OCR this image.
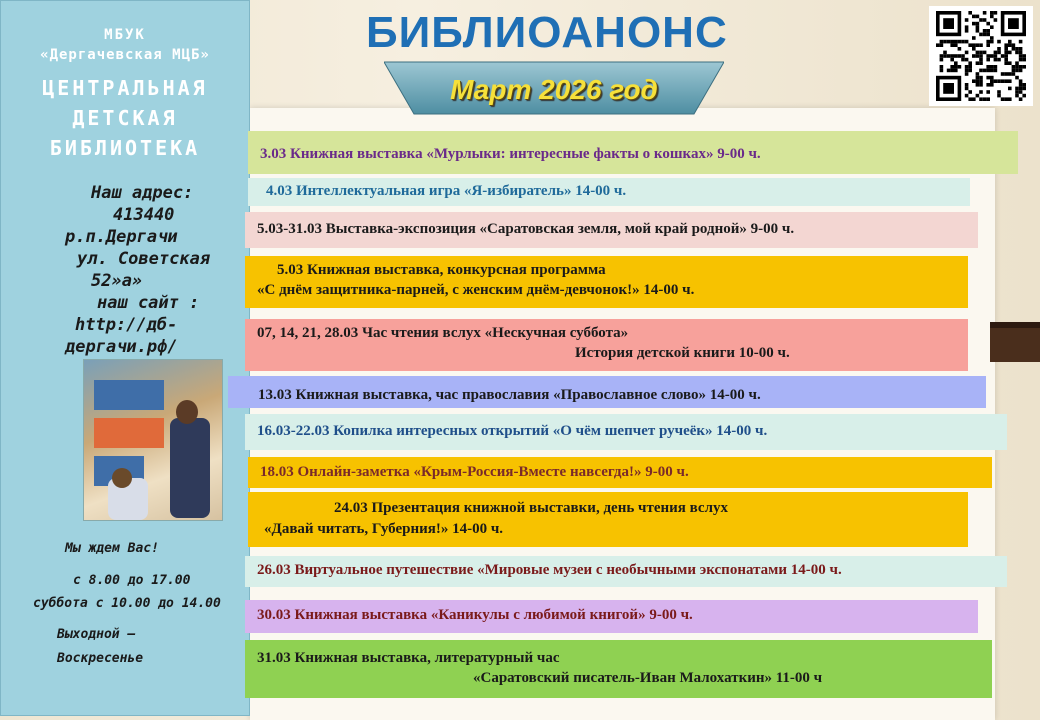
МБУК
«Дергачевская МЦБ»
ЦЕНТРАЛЬНАЯ
ДЕТСКАЯ
БИБЛИОТЕКА
Наш адрес:
413440
р.п.Дергачи
ул. Советская
52»а»
наш сайт :
http://дб-
дергачи.рф/
Мы ждем Вас!
с 8.00 до 17.00
суббота с 10.00 до 14.00
Выходной –
Воскресенье
БИБЛИОАНОНС
Март 2026 год
3.03 Книжная выставка «Мурлыки: интересные факты о кошках» 9-00 ч.
4.03 Интеллектуальная игра «Я-избиратель» 14-00 ч.
5.03-31.03 Выставка-экспозиция «Саратовская земля, мой край родной» 9-00 ч.
5.03 Книжная выставка, конкурсная программа
«С днём защитника-парней, с женским днём-девчонок!» 14-00 ч.
07, 14, 21, 28.03 Час чтения вслух «Нескучная суббота»
История детской книги 10-00 ч.
13.03 Книжная выставка, час православия «Православное слово» 14-00 ч.
16.03-22.03 Копилка интересных открытий «О чём шепчет ручеёк» 14-00 ч.
18.03 Онлайн-заметка «Крым-Россия-Вместе навсегда!» 9-00 ч.
24.03 Презентация книжной выставки, день чтения вслух
«Давай читать, Губерния!» 14-00 ч.
26.03 Виртуальное путешествие «Мировые музеи с необычными экспонатами 14-00 ч.
30.03 Книжная выставка «Каникулы с любимой книгой» 9-00 ч.
31.03 Книжная выставка, литературный час
«Саратовский писатель-Иван Малохаткин» 11-00 ч
